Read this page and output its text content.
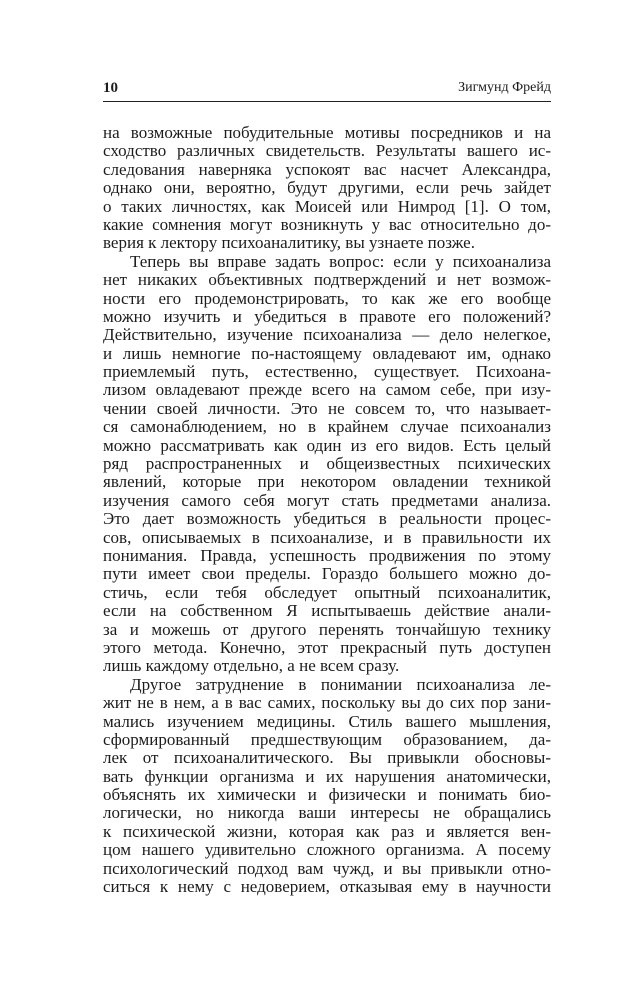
10	Зигмунд Фрейд
на возможные побудительные мотивы посредников и на
сходство различных свидетельств. Результаты вашего ис-
следования наверняка успокоят вас насчет Александра,
однако они, вероятно, будут другими, если речь зайдет
о таких личностях, как Моисей или Нимрод [1]. О том,
какие сомнения могут возникнуть у вас относительно до-
верия к лектору психоаналитику, вы узнаете позже.
Теперь вы вправе задать вопрос: если у психоанализа
нет никаких объективных подтверждений и нет возмож-
ности его продемонстрировать, то как же его вообще
можно изучить и убедиться в правоте его положений?
Действительно, изучение психоанализа — дело нелегкое,
и лишь немногие по-настоящему овладевают им, однако
приемлемый путь, естественно, существует. Психоана-
лизом овладевают прежде всего на самом себе, при изу-
чении своей личности. Это не совсем то, что называет-
ся самонаблюдением, но в крайнем случае психоанализ
можно рассматривать как один из его видов. Есть целый
ряд распространенных и общеизвестных психических
явлений, которые при некотором овладении техникой
изучения самого себя могут стать предметами анализа.
Это дает возможность убедиться в реальности процес-
сов, описываемых в психоанализе, и в правильности их
понимания. Правда, успешность продвижения по этому
пути имеет свои пределы. Гораздо большего можно до-
стичь, если тебя обследует опытный психоаналитик,
если на собственном Я испытываешь действие анали-
за и можешь от другого перенять тончайшую технику
этого метода. Конечно, этот прекрасный путь доступен
лишь каждому отдельно, а не всем сразу.
Другое затруднение в понимании психоанализа ле-
жит не в нем, а в вас самих, поскольку вы до сих пор зани-
мались изучением медицины. Стиль вашего мышления,
сформированный предшествующим образованием, да-
лек от психоаналитического. Вы привыкли обосновы-
вать функции организма и их нарушения анатомически,
объяснять их химически и физически и понимать био-
логически, но никогда ваши интересы не обращались
к психической жизни, которая как раз и является вен-
цом нашего удивительно сложного организма. А посему
психологический подход вам чужд, и вы привыкли отно-
ситься к нему с недоверием, отказывая ему в научности
